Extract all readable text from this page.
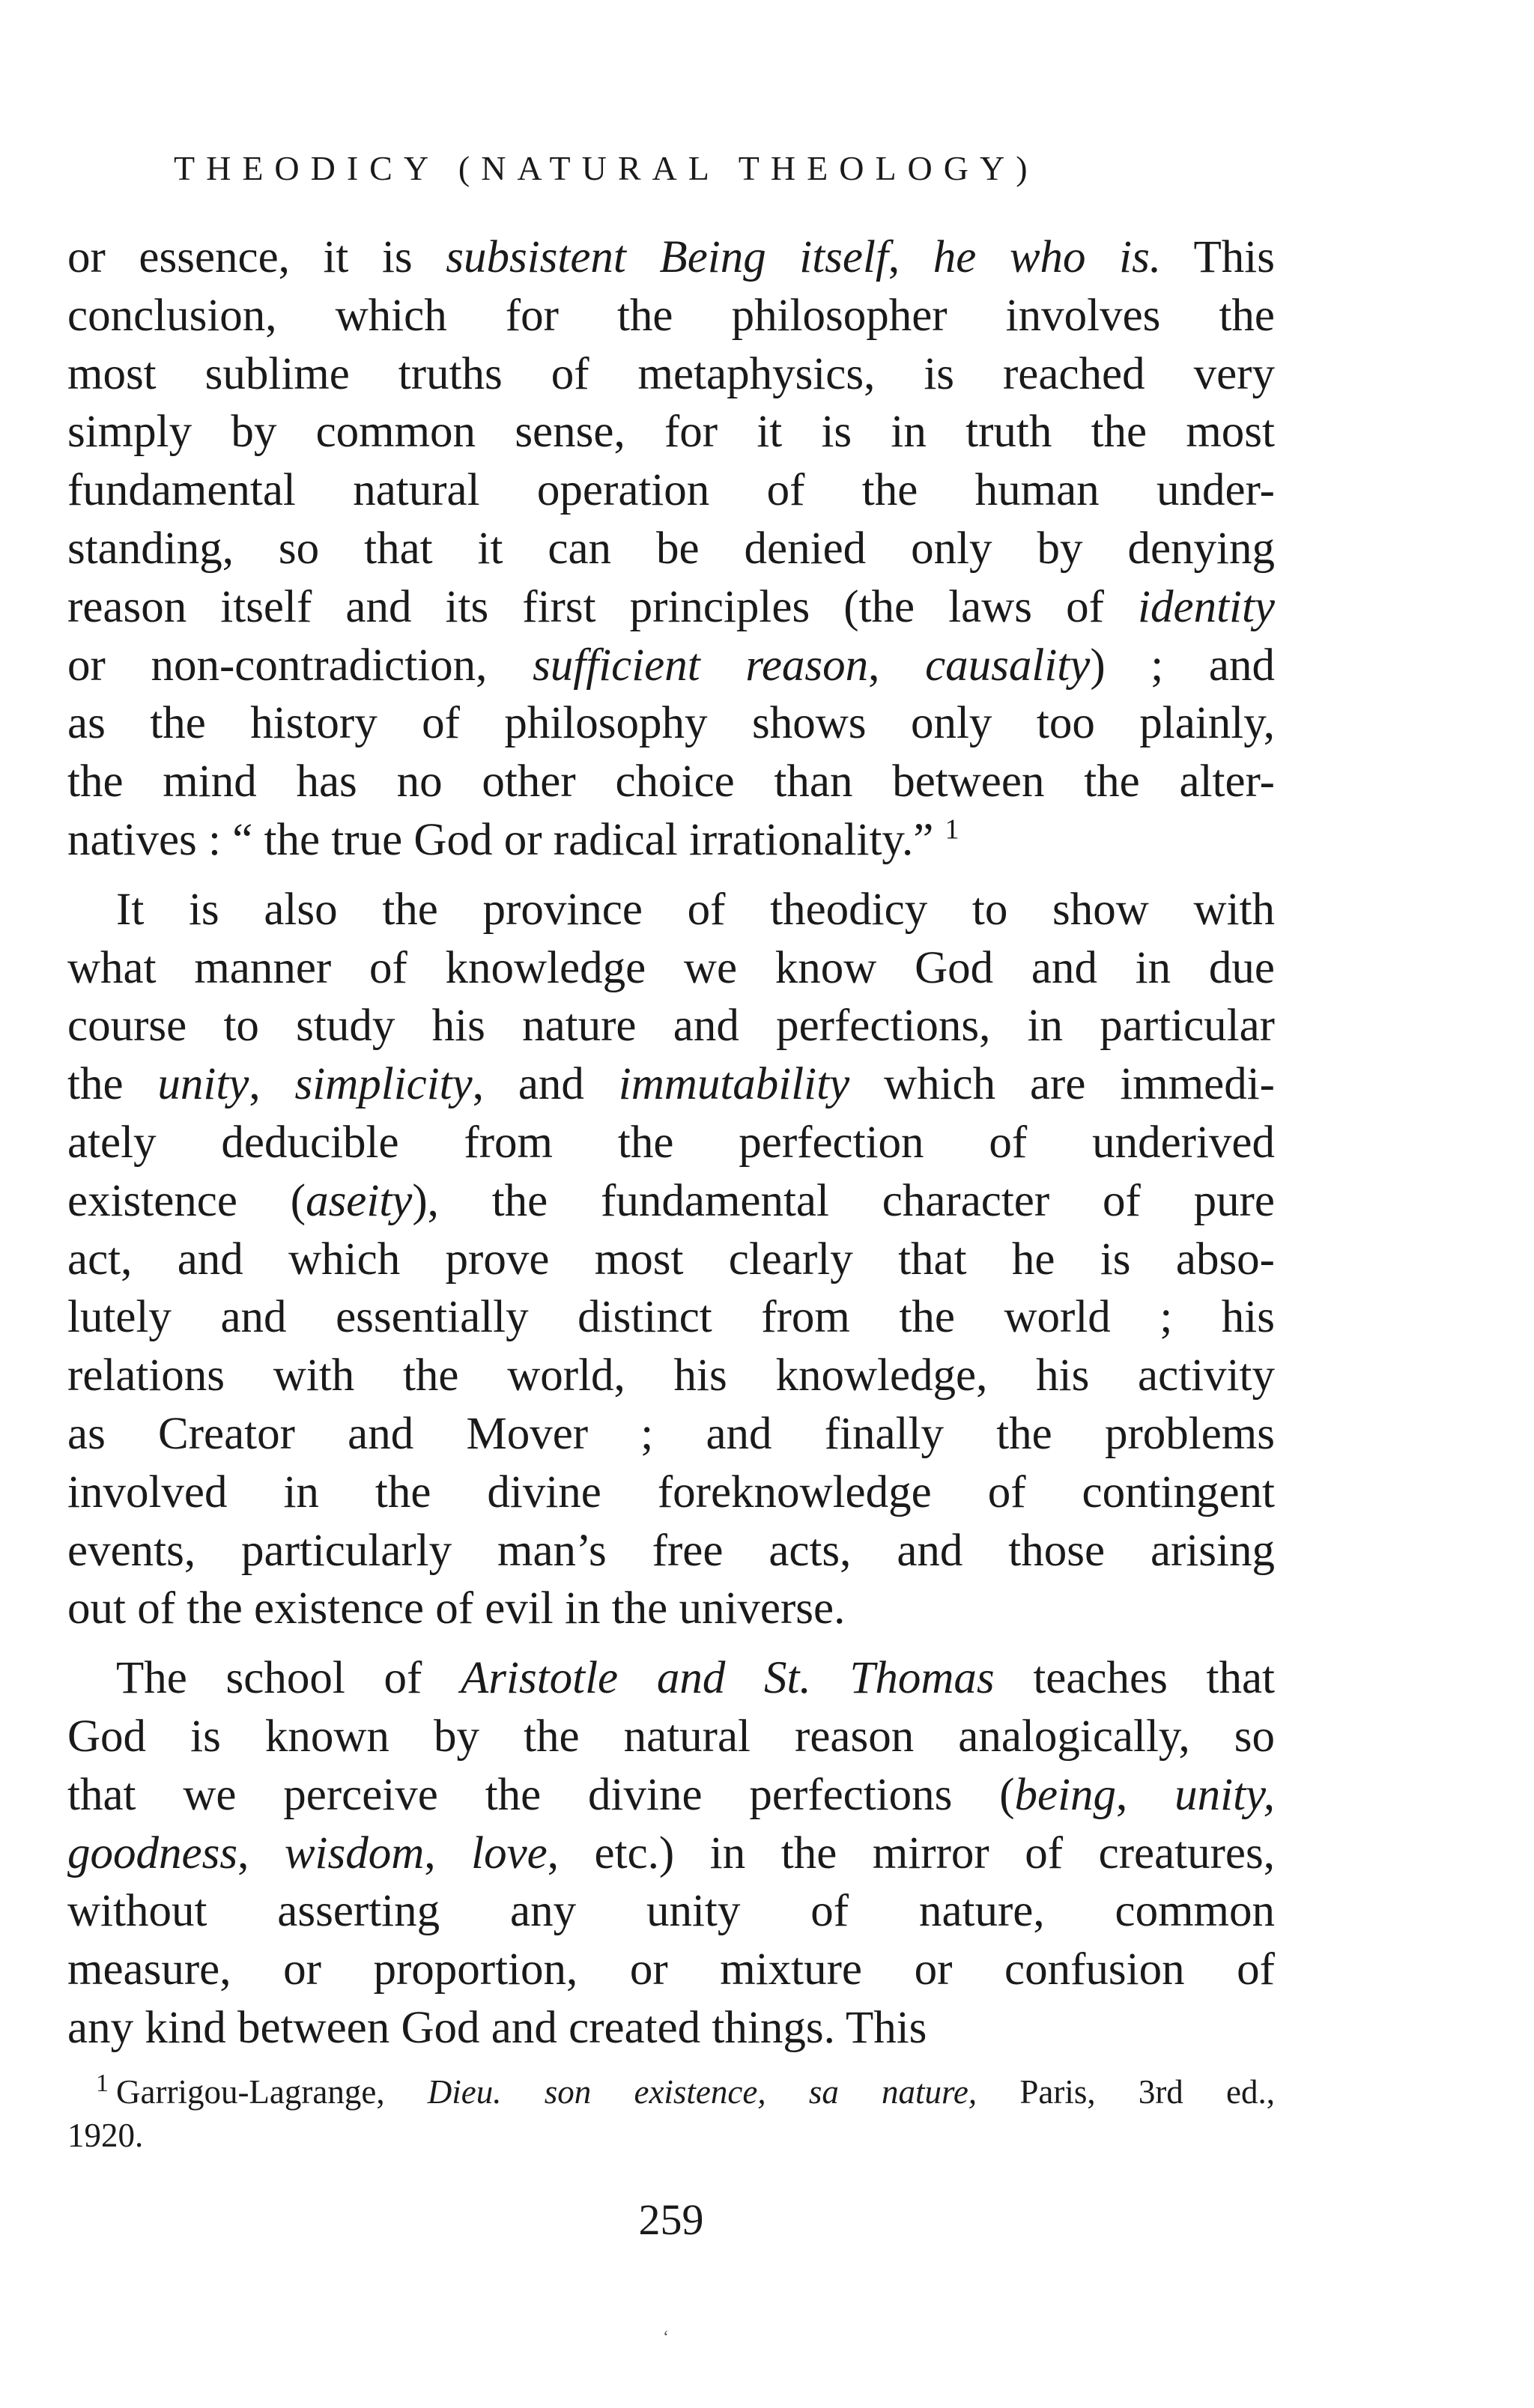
THEODICY (NATURAL THEOLOGY)
or essence, it is subsistent Being itself, he who is. This
conclusion, which for the philosopher involves the
most sublime truths of metaphysics, is reached very
simply by common sense, for it is in truth the most
fundamental natural operation of the human under-
standing, so that it can be denied only by denying
reason itself and its first principles (the laws of identity
or non-contradiction, sufficient reason, causality) ; and
as the history of philosophy shows only too plainly,
the mind has no other choice than between the alter-
natives : “ the true God or radical irrationality.” $^1$
It is also the province of theodicy to show with
what manner of knowledge we know God and in due
course to study his nature and perfections, in particular
the unity, simplicity, and immutability which are immedi-
ately deducible from the perfection of underived
existence (aseity), the fundamental character of pure
act, and which prove most clearly that he is abso-
lutely and essentially distinct from the world ; his
relations with the world, his knowledge, his activity
as Creator and Mover ; and finally the problems
involved in the divine foreknowledge of contingent
events, particularly man’s free acts, and those arising
out of the existence of evil in the universe.
The school of Aristotle and St. Thomas teaches that
God is known by the natural reason analogically, so
that we perceive the divine perfections (being, unity,
goodness, wisdom, love, etc.) in the mirror of creatures,
without asserting any unity of nature, common
measure, or proportion, or mixture or confusion of
any kind between God and created things. This
$^1$ Garrigou-Lagrange, Dieu. son existence, sa nature, Paris, 3rd ed.,
1920.
259
ʻ
